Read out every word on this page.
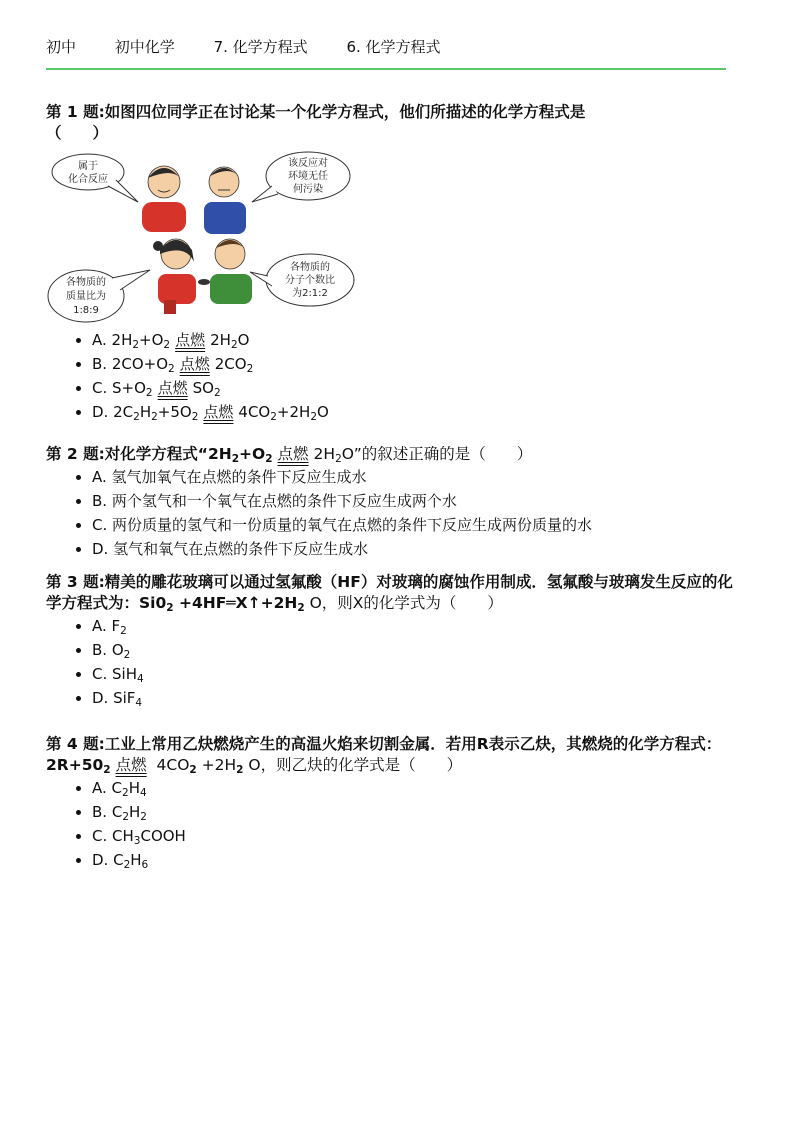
初中	初中化学	7. 化学方程式	6. 化学方程式
第 1 题:如图四位同学正在讨论某一个化学方程式，他们所描述的化学方程式是
（　　）
属于
化合反应
该反应对
环境无任
何污染
各物质的
质量比为
1:8:9
各物质的
分子个数比
为2:1:2
• A. $2H_2+O_2$ 点燃 $2H_2O$
• B. $2CO+O_2$ 点燃 $2CO_2$
• C. $S+O_2$ 点燃 $SO_2$
• D. $2C_2H_2+5O_2$ 点燃 $4CO_2+2H_2O$
第 2 题:对化学方程式“$2H_2+O_2$ 点燃 $2H_2O$”的叙述正确的是（　　）
• A. 氢气加氧气在点燃的条件下反应生成水
• B. 两个氢气和一个氧气在点燃的条件下反应生成两个水
• C. 两份质量的氢气和一份质量的氧气在点燃的条件下反应生成两份质量的水
• D. 氢气和氧气在点燃的条件下反应生成水
第 3 题:精美的雕花玻璃可以通过氢氟酸（HF）对玻璃的腐蚀作用制成．氢氟酸与玻璃发生反应的化学方程式为：$Si0_2$ $+4HF═X↑+2H_2$ O，则X的化学式为（　　）
• A. $F_2$
• B. $O_2$
• C. SiH$_4$
• D. SiF$_4$
第 4 题:工业上常用乙炔燃烧产生的高温火焰来切割金属．若用R表示乙炔，其燃烧的化学方程式：$2R+50_2$ 点燃 $4CO_2 +2H_2$ O，则乙炔的化学式是（　　）
• A. $C_2H_4$
• B. $C_2H_2$
• C. $CH_3COOH$
• D. $C_2H_6$
